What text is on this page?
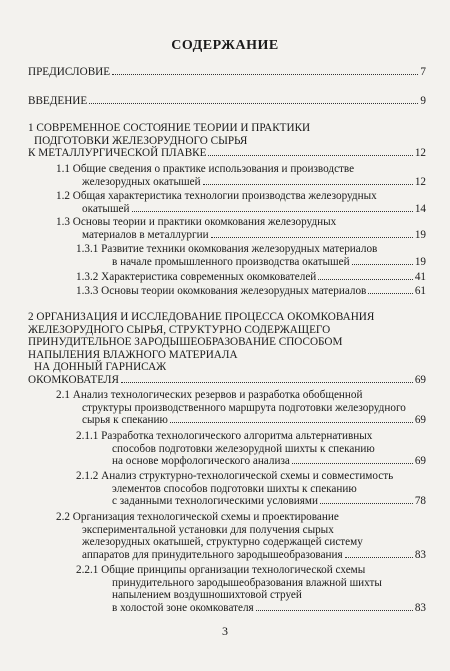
СОДЕРЖАНИЕ
ПРЕДИСЛОВИЕ	7
ВВЕДЕНИЕ	9
1 СОВРЕМЕННОЕ СОСТОЯНИЕ ТЕОРИИ И ПРАКТИКИ
ПОДГОТОВКИ ЖЕЛЕЗОРУДНОГО СЫРЬЯ
К МЕТАЛЛУРГИЧЕСКОЙ ПЛАВКЕ	12
1.1 Общие сведения о практике использования и производстве
железорудных окатышей	12
1.2 Общая характеристика технологии производства железорудных
окатышей	14
1.3 Основы теории и практики окомкования железорудных
материалов в металлургии	19
1.3.1 Развитие техники окомкования железорудных материалов
в начале промышленного производства окатышей	19
1.3.2 Характеристика современных окомкователей	41
1.3.3 Основы теории окомкования железорудных материалов	61
2 ОРГАНИЗАЦИЯ И ИССЛЕДОВАНИЕ ПРОЦЕССА ОКОМКОВАНИЯ
ЖЕЛЕЗОРУДНОГО СЫРЬЯ, СТРУКТУРНО СОДЕРЖАЩЕГО
ПРИНУДИТЕЛЬНОЕ ЗАРОДЫШЕОБРАЗОВАНИЕ СПОСОБОМ
НАПЫЛЕНИЯ ВЛАЖНОГО МАТЕРИАЛА
НА ДОННЫЙ ГАРНИСАЖ
ОКОМКОВАТЕЛЯ	69
2.1 Анализ технологических резервов и разработка обобщенной
структуры производственного маршрута подготовки железорудного
сырья к спеканию	69
2.1.1 Разработка технологического алгоритма альтернативных
способов подготовки железорудной шихты к спеканию
на основе морфологического анализа	69
2.1.2 Анализ структурно-технологической схемы и совместимость
элементов способов подготовки шихты к спеканию
с заданными технологическими условиями	78
2.2 Организация технологической схемы и проектирование
экспериментальной установки для получения сырых
железорудных окатышей, структурно содержащей систему
аппаратов для принудительного зародышеобразования	83
2.2.1 Общие принципы организации технологической схемы
принудительного зародышеобразования влажной шихты
напылением воздушношихтовой струей
в холостой зоне окомкователя	83
3
